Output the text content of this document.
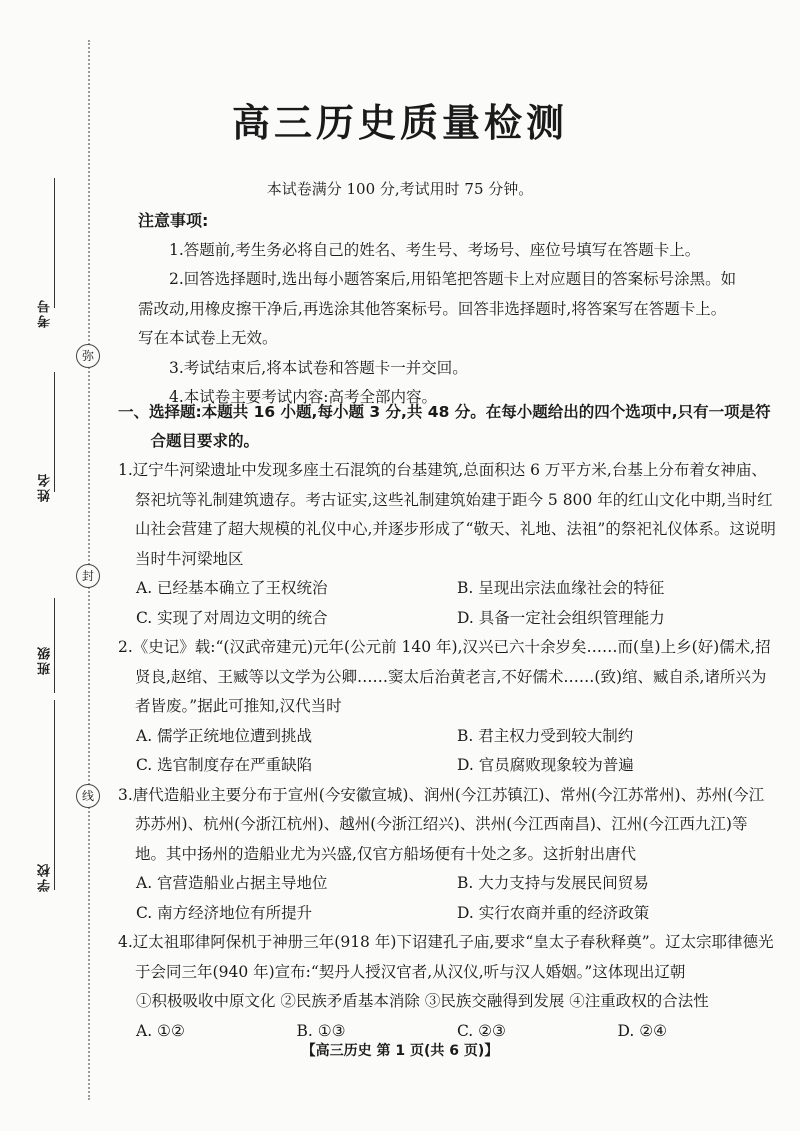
考号
弥
姓名
封
班级
线
学校
高三历史质量检测
本试卷满分 100 分,考试用时 75 分钟。
注意事项:

1.答题前,考生务必将自己的姓名、考生号、考场号、座位号填写在答题卡上。

2.回答选择题时,选出每小题答案后,用铅笔把答题卡上对应题目的答案标号涂黑。如需改动,用橡皮擦干净后,再选涂其他答案标号。回答非选择题时,将答案写在答题卡上。写在本试卷上无效。

3.考试结束后,将本试卷和答题卡一并交回。

4.本试卷主要考试内容:高考全部内容。

一、选择题:本题共 16 小题,每小题 3 分,共 48 分。在每小题给出的四个选项中,只有一项是符合题目要求的。
1.辽宁牛河梁遗址中发现多座土石混筑的台基建筑,总面积达 6 万平方米,台基上分布着女神庙、祭祀坑等礼制建筑遗存。考古证实,这些礼制建筑始建于距今 5 800 年的红山文化中期,当时红山社会营建了超大规模的礼仪中心,并逐步形成了“敬天、礼地、法祖”的祭祀礼仪体系。这说明当时牛河梁地区
A. 已经基本确立了王权统治	B. 呈现出宗法血缘社会的特征
C. 实现了对周边文明的统合	D. 具备一定社会组织管理能力
2.《史记》载:“(汉武帝建元)元年(公元前 140 年),汉兴已六十余岁矣……而(皇)上乡(好)儒术,招贤良,赵绾、王臧等以文学为公卿……窦太后治黄老言,不好儒术……(致)绾、臧自杀,诸所兴为者皆废。”据此可推知,汉代当时
A. 儒学正统地位遭到挑战	B. 君主权力受到较大制约
C. 选官制度存在严重缺陷	D. 官员腐败现象较为普遍
3.唐代造船业主要分布于宣州(今安徽宣城)、润州(今江苏镇江)、常州(今江苏常州)、苏州(今江苏苏州)、杭州(今浙江杭州)、越州(今浙江绍兴)、洪州(今江西南昌)、江州(今江西九江)等地。其中扬州的造船业尤为兴盛,仅官方船场便有十处之多。这折射出唐代
A. 官营造船业占据主导地位	B. 大力支持与发展民间贸易
C. 南方经济地位有所提升	D. 实行农商并重的经济政策
4.辽太祖耶律阿保机于神册三年(918 年)下诏建孔子庙,要求“皇太子春秋释奠”。辽太宗耶律德光于会同三年(940 年)宣布:“契丹人授汉官者,从汉仪,听与汉人婚姻。”这体现出辽朝
①积极吸收中原文化 ②民族矛盾基本消除 ③民族交融得到发展 ④注重政权的合法性
A. ①②	B. ①③	C. ②③	D. ②④
【高三历史 第 1 页(共 6 页)】
